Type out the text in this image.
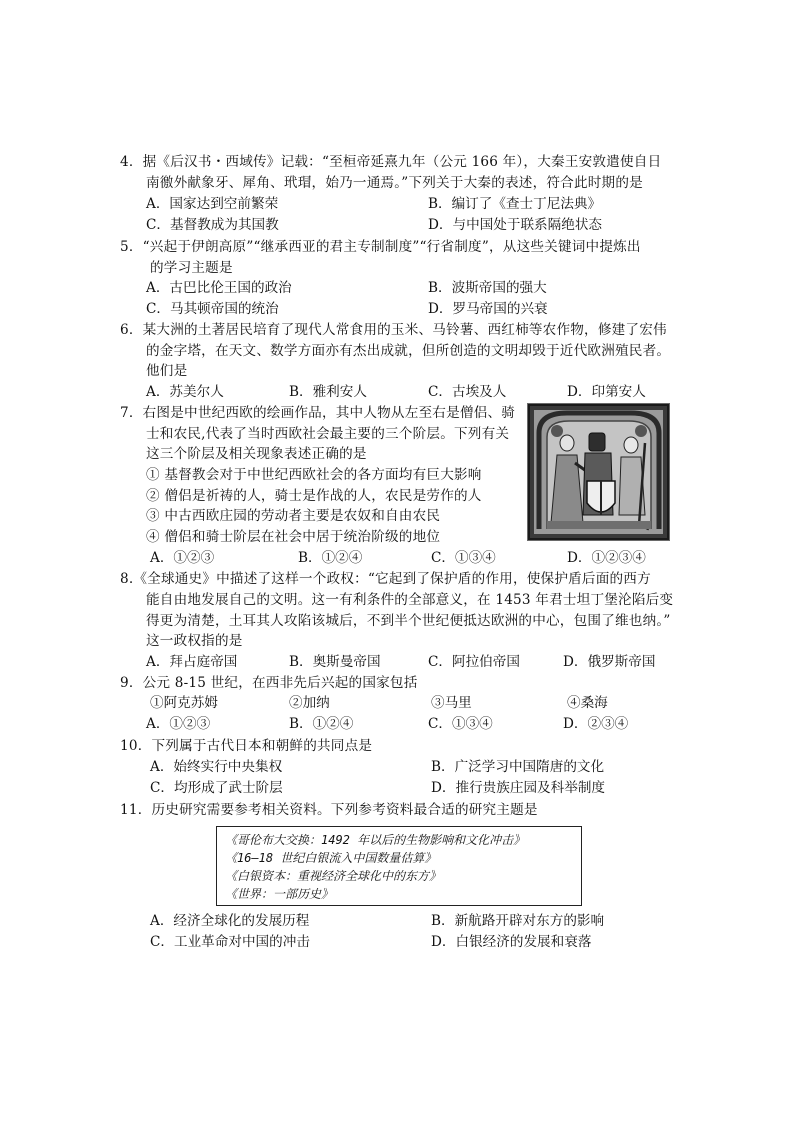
4．据《后汉书・西域传》记载：“至桓帝延熹九年（公元 166 年），大秦王安敦遣使自日
南徼外献象牙、犀角、玳瑁，始乃一通焉。”下列关于大秦的表述，符合此时期的是
A．国家达到空前繁荣	B．编订了《查士丁尼法典》
C．基督教成为其国教	D．与中国处于联系隔绝状态
5．“兴起于伊朗高原”“继承西亚的君主专制制度”“行省制度”，从这些关键词中提炼出
的学习主题是
A．古巴比伦王国的政治	B．波斯帝国的强大
C．马其顿帝国的统治	D．罗马帝国的兴衰
6．某大洲的土著居民培育了现代人常食用的玉米、马铃薯、西红柿等农作物，修建了宏伟
的金字塔，在天文、数学方面亦有杰出成就，但所创造的文明却毁于近代欧洲殖民者。
他们是
A．苏美尔人	B．雅利安人	C．古埃及人	D．印第安人
7．右图是中世纪西欧的绘画作品，其中人物从左至右是僧侣、骑
士和农民,代表了当时西欧社会最主要的三个阶层。下列有关
这三个阶层及相关现象表述正确的是
① 基督教会对于中世纪西欧社会的各方面均有巨大影响
② 僧侣是祈祷的人，骑士是作战的人，农民是劳作的人
③ 中古西欧庄园的劳动者主要是农奴和自由农民
④ 僧侣和骑士阶层在社会中居于统治阶级的地位
A．①②③	B．①②④	C．①③④	D．①②③④
8.《全球通史》中描述了这样一个政权：“它起到了保护盾的作用，使保护盾后面的西方
能自由地发展自己的文明。这一有利条件的全部意义，在 1453 年君士坦丁堡沦陷后变
得更为清楚，土耳其人攻陷该城后，不到半个世纪便抵达欧洲的中心，包围了维也纳。”
这一政权指的是
A．拜占庭帝国	B．奥斯曼帝国	C．阿拉伯帝国	D．俄罗斯帝国
9．公元 8-15 世纪，在西非先后兴起的国家包括
①阿克苏姆	②加纳	③马里	④桑海
A．①②③	B．①②④	C．①③④	D．②③④
10．下列属于古代日本和朝鲜的共同点是
A．始终实行中央集权	B．广泛学习中国隋唐的文化
C．均形成了武士阶层	D．推行贵族庄园及科举制度
11．历史研究需要参考相关资料。下列参考资料最合适的研究主题是
《哥伦布大交换：1492 年以后的生物影响和文化冲击》
《16—18 世纪白银流入中国数量估算》
《白银资本：重视经济全球化中的东方》
《世界：一部历史》
A．经济全球化的发展历程	B．新航路开辟对东方的影响
C．工业革命对中国的冲击	D．白银经济的发展和衰落
